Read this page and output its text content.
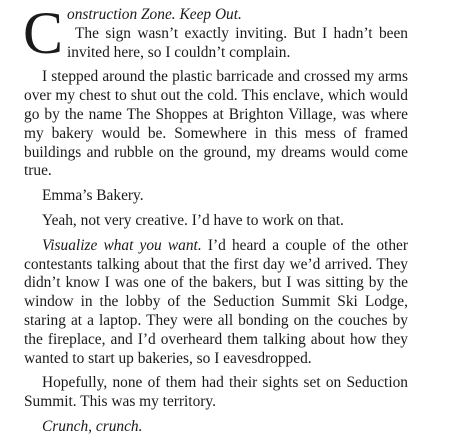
C onstruction Zone. Keep Out.
The sign wasn’t exactly inviting. But I hadn’t been invited here, so I couldn’t complain.

I stepped around the plastic barricade and crossed my arms over my chest to shut out the cold. This enclave, which would go by the name The Shoppes at Brighton Village, was where my bakery would be. Somewhere in this mess of framed buildings and rubble on the ground, my dreams would come true.

Emma’s Bakery.

Yeah, not very creative. I’d have to work on that.

Visualize what you want. I’d heard a couple of the other contestants talking about that the first day we’d arrived. They didn’t know I was one of the bakers, but I was sitting by the window in the lobby of the Seduction Summit Ski Lodge, staring at a laptop. They were all bonding on the couches by the fireplace, and I’d overheard them talking about how they wanted to start up bakeries, so I eavesdropped.

Hopefully, none of them had their sights set on Seduction Summit. This was my territory.

Crunch, crunch.
